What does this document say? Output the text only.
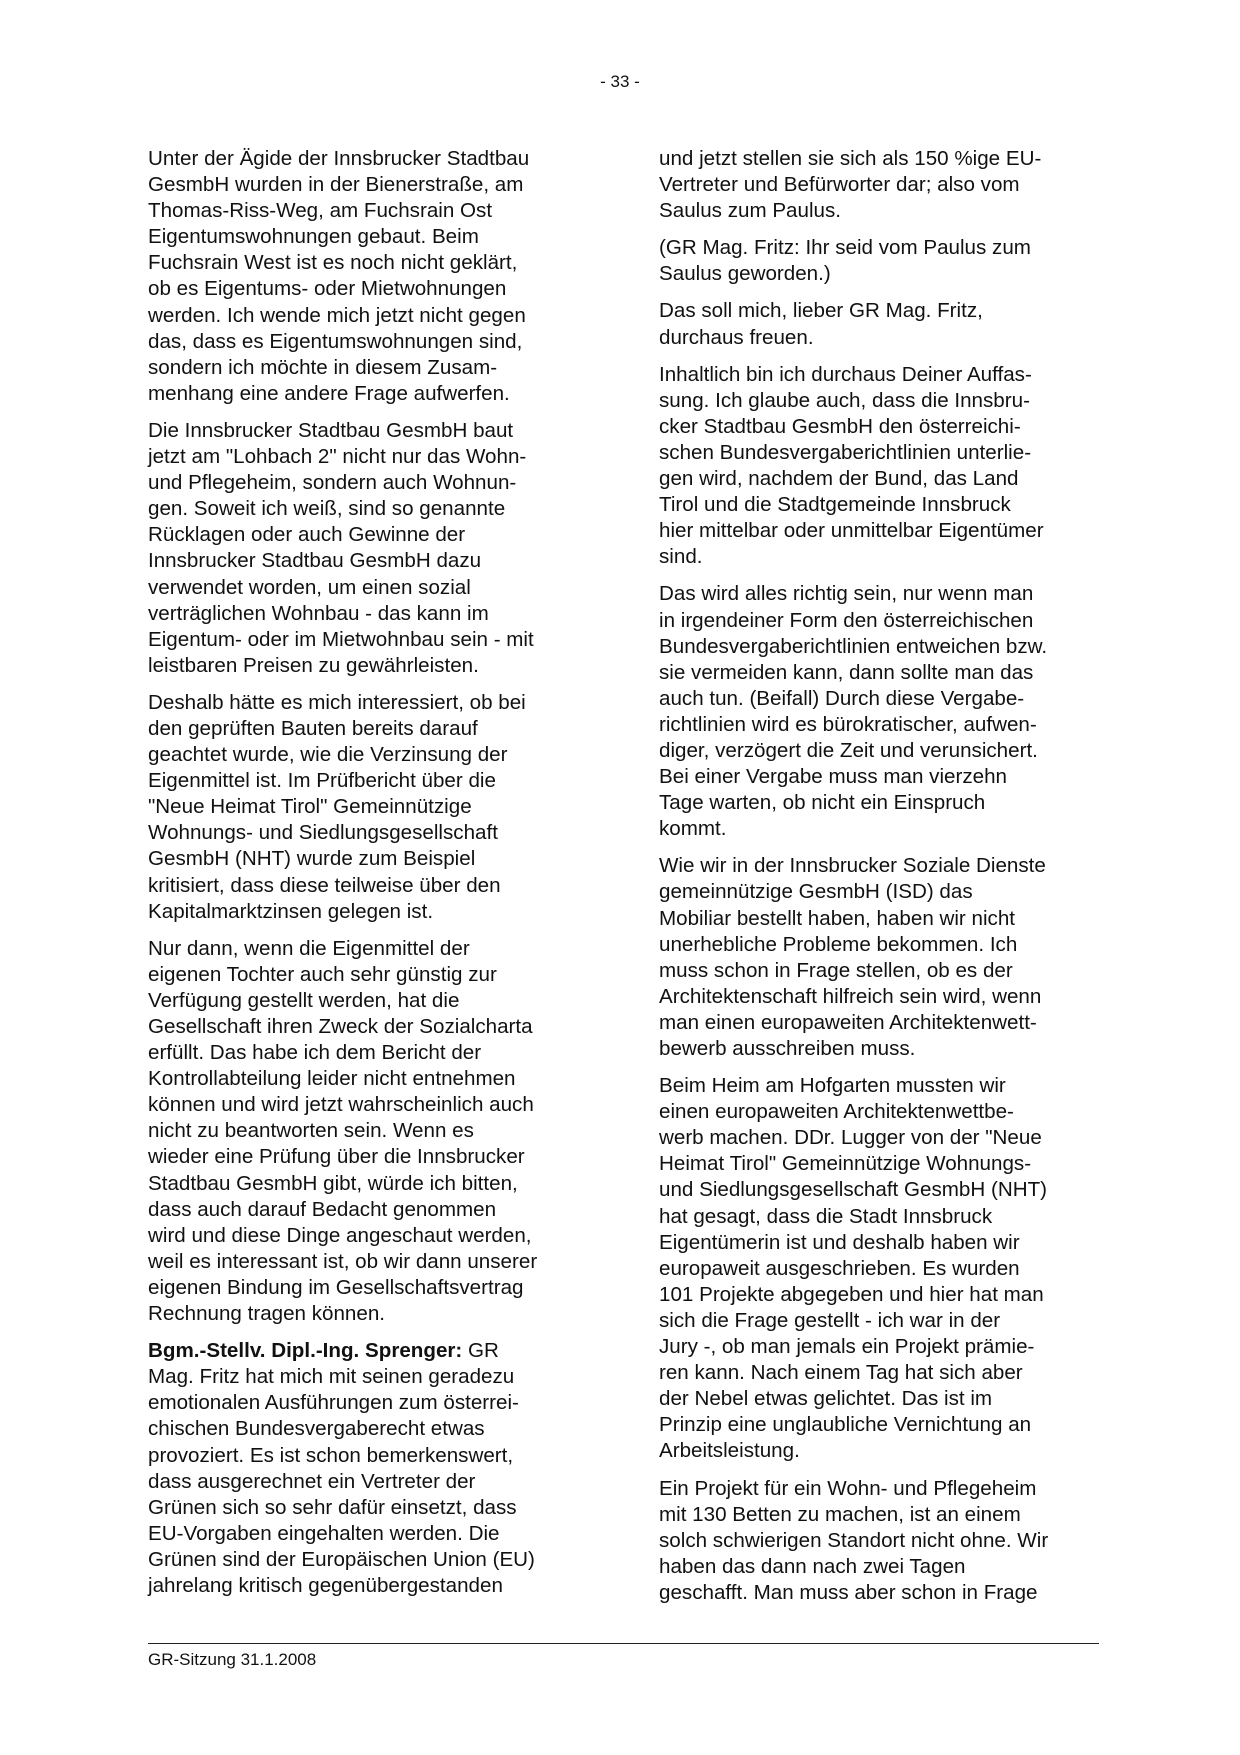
- 33 -

Unter der Ägide der Innsbrucker Stadtbau
GesmbH wurden in der Bienerstraße, am
Thomas-Riss-Weg, am Fuchsrain Ost
Eigentumswohnungen gebaut. Beim
Fuchsrain West ist es noch nicht geklärt,
ob es Eigentums- oder Mietwohnungen
werden. Ich wende mich jetzt nicht gegen
das, dass es Eigentumswohnungen sind,
sondern ich möchte in diesem Zusam-
menhang eine andere Frage aufwerfen.

Die Innsbrucker Stadtbau GesmbH baut
jetzt am "Lohbach 2" nicht nur das Wohn-
und Pflegeheim, sondern auch Wohnun-
gen. Soweit ich weiß, sind so genannte
Rücklagen oder auch Gewinne der
Innsbrucker Stadtbau GesmbH dazu
verwendet worden, um einen sozial
verträglichen Wohnbau - das kann im
Eigentum- oder im Mietwohnbau sein - mit
leistbaren Preisen zu gewährleisten.

Deshalb hätte es mich interessiert, ob bei
den geprüften Bauten bereits darauf
geachtet wurde, wie die Verzinsung der
Eigenmittel ist. Im Prüfbericht über die
"Neue Heimat Tirol" Gemeinnützige
Wohnungs- und Siedlungsgesellschaft
GesmbH (NHT) wurde zum Beispiel
kritisiert, dass diese teilweise über den
Kapitalmarktzinsen gelegen ist.

Nur dann, wenn die Eigenmittel der
eigenen Tochter auch sehr günstig zur
Verfügung gestellt werden, hat die
Gesellschaft ihren Zweck der Sozialcharta
erfüllt. Das habe ich dem Bericht der
Kontrollabteilung leider nicht entnehmen
können und wird jetzt wahrscheinlich auch
nicht zu beantworten sein. Wenn es
wieder eine Prüfung über die Innsbrucker
Stadtbau GesmbH gibt, würde ich bitten,
dass auch darauf Bedacht genommen
wird und diese Dinge angeschaut werden,
weil es interessant ist, ob wir dann unserer
eigenen Bindung im Gesellschaftsvertrag
Rechnung tragen können.

Bgm.-Stellv. Dipl.-Ing. Sprenger: GR
Mag. Fritz hat mich mit seinen geradezu
emotionalen Ausführungen zum österrei-
chischen Bundesvergaberecht etwas
provoziert. Es ist schon bemerkenswert,
dass ausgerechnet ein Vertreter der
Grünen sich so sehr dafür einsetzt, dass
EU-Vorgaben eingehalten werden. Die
Grünen sind der Europäischen Union (EU)
jahrelang kritisch gegenübergestanden

und jetzt stellen sie sich als 150 %ige EU-
Vertreter und Befürworter dar; also vom
Saulus zum Paulus.

(GR Mag. Fritz: Ihr seid vom Paulus zum
Saulus geworden.)

Das soll mich, lieber GR Mag. Fritz,
durchaus freuen.

Inhaltlich bin ich durchaus Deiner Auffas-
sung. Ich glaube auch, dass die Innsbru-
cker Stadtbau GesmbH den österreichi-
schen Bundesvergaberichtlinien unterlie-
gen wird, nachdem der Bund, das Land
Tirol und die Stadtgemeinde Innsbruck
hier mittelbar oder unmittelbar Eigentümer
sind.

Das wird alles richtig sein, nur wenn man
in irgendeiner Form den österreichischen
Bundesvergaberichtlinien entweichen bzw.
sie vermeiden kann, dann sollte man das
auch tun. (Beifall) Durch diese Vergabe-
richtlinien wird es bürokratischer, aufwen-
diger, verzögert die Zeit und verunsichert.
Bei einer Vergabe muss man vierzehn
Tage warten, ob nicht ein Einspruch
kommt.

Wie wir in der Innsbrucker Soziale Dienste
gemeinnützige GesmbH (ISD) das
Mobiliar bestellt haben, haben wir nicht
unerhebliche Probleme bekommen. Ich
muss schon in Frage stellen, ob es der
Architektenschaft hilfreich sein wird, wenn
man einen europaweiten Architektenwett-
bewerb ausschreiben muss.

Beim Heim am Hofgarten mussten wir
einen europaweiten Architektenwettbe-
werb machen. DDr. Lugger von der "Neue
Heimat Tirol" Gemeinnützige Wohnungs-
und Siedlungsgesellschaft GesmbH (NHT)
hat gesagt, dass die Stadt Innsbruck
Eigentümerin ist und deshalb haben wir
europaweit ausgeschrieben. Es wurden
101 Projekte abgegeben und hier hat man
sich die Frage gestellt - ich war in der
Jury -, ob man jemals ein Projekt prämie-
ren kann. Nach einem Tag hat sich aber
der Nebel etwas gelichtet. Das ist im
Prinzip eine unglaubliche Vernichtung an
Arbeitsleistung.

Ein Projekt für ein Wohn- und Pflegeheim
mit 130 Betten zu machen, ist an einem
solch schwierigen Standort nicht ohne. Wir
haben das dann nach zwei Tagen
geschafft. Man muss aber schon in Frage

GR-Sitzung 31.1.2008
